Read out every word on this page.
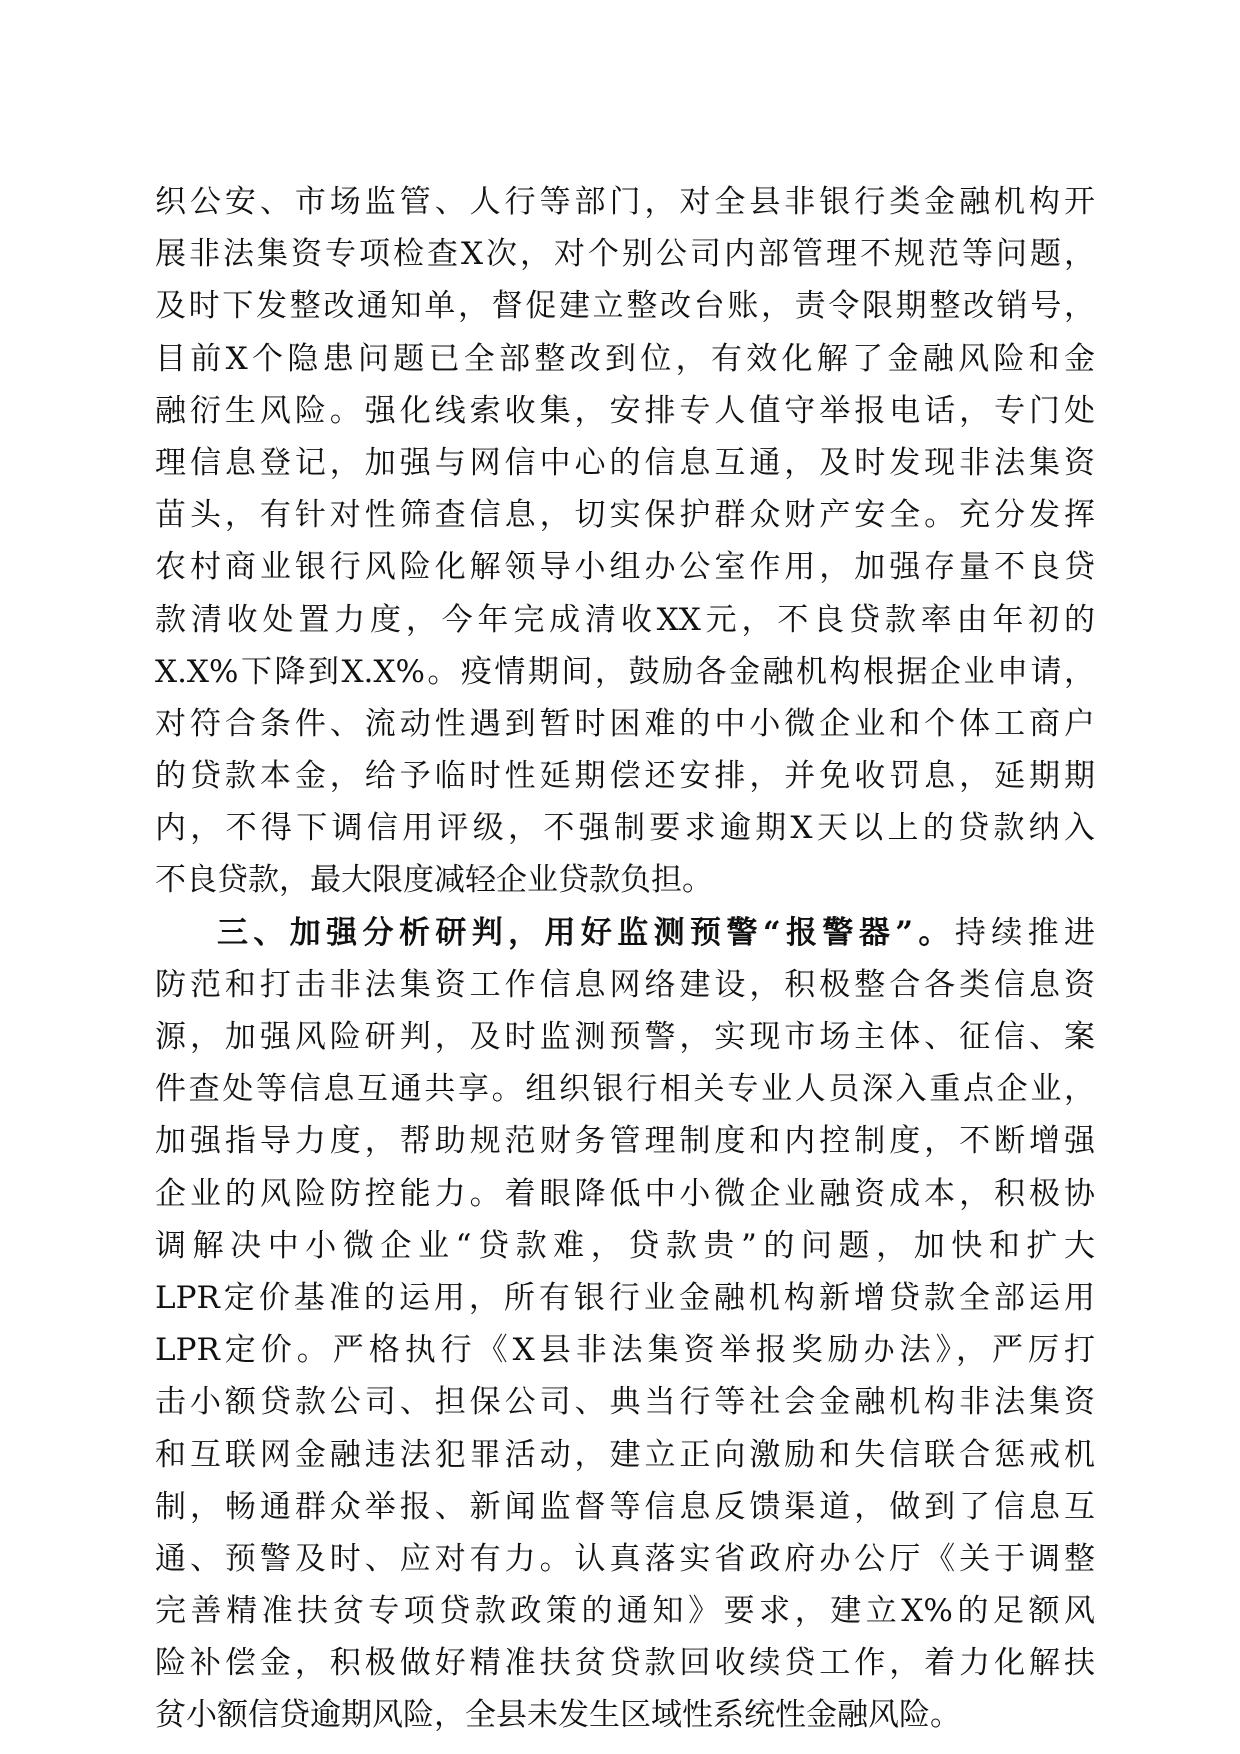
织公安、市场监管、人行等部门，对全县非银行类金融机构开
展非法集资专项检查X次，对个别公司内部管理不规范等问题，
及时下发整改通知单，督促建立整改台账，责令限期整改销号，
目前X个隐患问题已全部整改到位，有效化解了金融风险和金
融衍生风险。强化线索收集，安排专人值守举报电话，专门处
理信息登记，加强与网信中心的信息互通，及时发现非法集资
苗头，有针对性筛查信息，切实保护群众财产安全。充分发挥
农村商业银行风险化解领导小组办公室作用，加强存量不良贷
款清收处置力度，今年完成清收XX元，不良贷款率由年初的
X.X%下降到X.X%。疫情期间，鼓励各金融机构根据企业申请，
对符合条件、流动性遇到暂时困难的中小微企业和个体工商户
的贷款本金，给予临时性延期偿还安排，并免收罚息，延期期
内，不得下调信用评级，不强制要求逾期X天以上的贷款纳入
不良贷款，最大限度减轻企业贷款负担。
三、加强分析研判，用好监测预警“报警器”。持续推进
防范和打击非法集资工作信息网络建设，积极整合各类信息资
源，加强风险研判，及时监测预警，实现市场主体、征信、案
件查处等信息互通共享。组织银行相关专业人员深入重点企业，
加强指导力度，帮助规范财务管理制度和内控制度，不断增强
企业的风险防控能力。着眼降低中小微企业融资成本，积极协
调解决中小微企业“贷款难，贷款贵”的问题，加快和扩大
LPR定价基准的运用，所有银行业金融机构新增贷款全部运用
LPR定价。严格执行《X县非法集资举报奖励办法》，严厉打
击小额贷款公司、担保公司、典当行等社会金融机构非法集资
和互联网金融违法犯罪活动，建立正向激励和失信联合惩戒机
制，畅通群众举报、新闻监督等信息反馈渠道，做到了信息互
通、预警及时、应对有力。认真落实省政府办公厅《关于调整
完善精准扶贫专项贷款政策的通知》要求，建立X%的足额风
险补偿金，积极做好精准扶贫贷款回收续贷工作，着力化解扶
贫小额信贷逾期风险，全县未发生区域性系统性金融风险。
